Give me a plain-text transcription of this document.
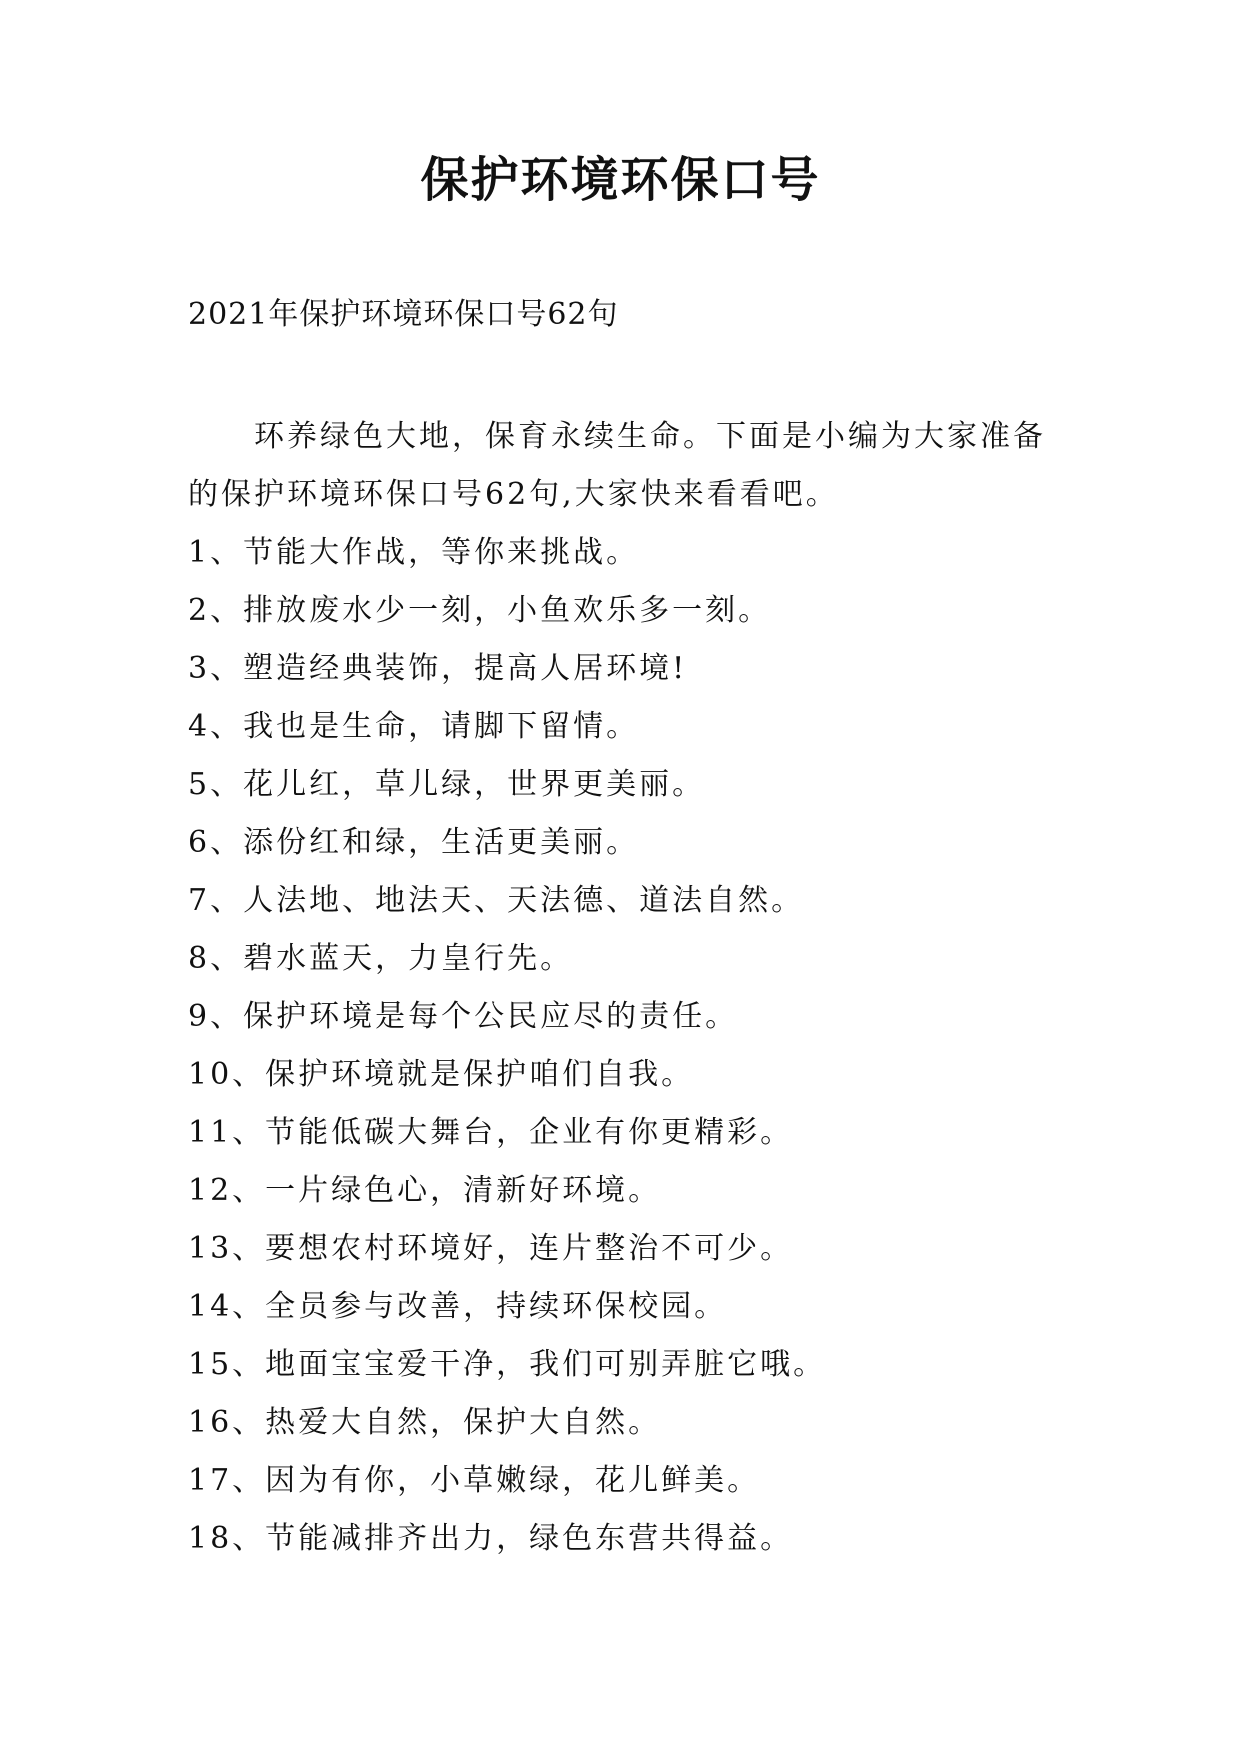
保护环境环保口号
2021年保护环境环保口号62句

环养绿色大地，保育永续生命。下面是小编为大家准备的保护环境环保口号62句,大家快来看看吧。

1、节能大作战，等你来挑战。
2、排放废水少一刻，小鱼欢乐多一刻。
3、塑造经典装饰，提高人居环境!
4、我也是生命，请脚下留情。
5、花儿红，草儿绿，世界更美丽。
6、添份红和绿，生活更美丽。
7、人法地、地法天、天法德、道法自然。
8、碧水蓝天，力皇行先。
9、保护环境是每个公民应尽的责任。
10、保护环境就是保护咱们自我。
11、节能低碳大舞台，企业有你更精彩。
12、一片绿色心，清新好环境。
13、要想农村环境好，连片整治不可少。
14、全员参与改善，持续环保校园。
15、地面宝宝爱干净，我们可别弄脏它哦。
16、热爱大自然，保护大自然。
17、因为有你，小草嫩绿，花儿鲜美。
18、节能减排齐出力，绿色东营共得益。
